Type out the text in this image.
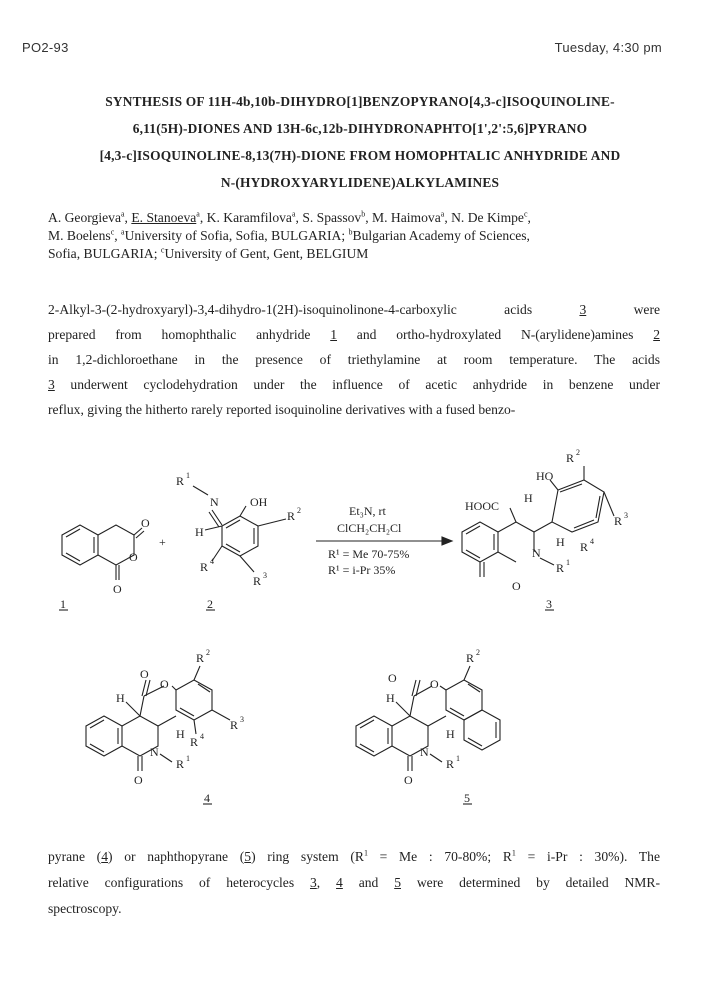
PO2-93	Tuesday, 4:30 pm
SYNTHESIS OF 11H-4b,10b-DIHYDRO[1]BENZOPYRANO[4,3-c]ISOQUINOLINE-
6,11(5H)-DIONES AND 13H-6c,12b-DIHYDRONAPHTO[1',2':5,6]PYRANO
[4,3-c]ISOQUINOLINE-8,13(7H)-DIONE FROM HOMOPHTALIC ANHYDRIDE AND
N-(HYDROXYARYLIDENE)ALKYLAMINES
A. Georgieva$^a$, E. Stanoeva$^a$, K. Karamfilova$^a$, S. Spassov$^b$, M. Haimova$^a$, N. De Kimpe$^c$,
M. Boelens$^c$, $^a$University of Sofia, Sofia, BULGARIA; $^b$Bulgarian Academy of Sciences,
Sofia, BULGARIA; $^c$University of Gent, Gent, BELGIUM
2-Alkyl-3-(2-hydroxyaryl)-3,4-dihydro-1(2H)-isoquinolinone-4-carboxylic acids 3 were
prepared from homophthalic anhydride 1 and ortho-hydroxylated N-(arylidene)amines 2
in 1,2-dichloroethane in the presence of triethylamine at room temperature. The acids
3 underwent cyclodehydration under the influence of acetic anhydride in benzene under
reflux, giving the hitherto rarely reported isoquinoline derivatives with a fused benzo-
O
O
O
1
+
R 1
N
H
OH
R 2
R 4
R 3
2
Et₃N, rt
ClCH₂CH₂Cl
R¹ = Me 70-75%
R¹ = i-Pr 35%
O
HOOC
H
N
H
R 1
HO
R 2
R 3
R 4
3
O
N
R 1
H
O
O
H
R 2
R 3
R 4
4
O
N
R 1
H
O	O
H
R 2
5
pyrane (4) or naphthopyrane (5) ring system ($R^1 = Me$ : 70-80%; $R^1 = i-Pr$ : 30%). The
relative configurations of heterocycles 3, 4 and 5 were determined by detailed NMR-
spectroscopy.
